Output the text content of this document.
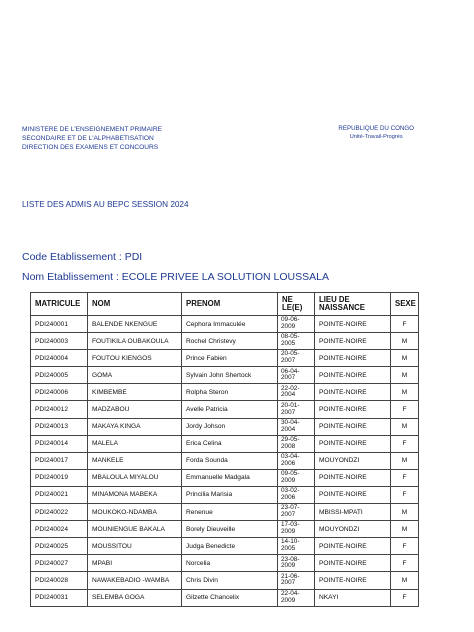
MINISTERE DE L'ENSEIGNEMENT PRIMAIRE
SECONDAIRE ET DE L'ALPHABETISATION
DIRECTION DES EXAMENS ET CONCOURS
REPUBLIQUE DU CONGO
Unité-Travail-Progrès
LISTE DES ADMIS AU BEPC SESSION 2024
Code Etablissement : PDI
Nom Etablissement : ECOLE PRIVEE LA SOLUTION LOUSSALA
MATRICULE	NOM	PRENOM	NE LE(E)	LIEU DE NAISSANCE	SEXE
PDI240001	BALENDE NKENGUE	Cephora Immaculée	09-06-2009	POINTE-NOIRE	F
PDI240003	FOUTIKILA OUBAKOULA	Rochel Christevy	08-05-2005	POINTE-NOIRE	M
PDI240004	FOUTOU KIENGOS	Prince Fabien	20-05-2007	POINTE-NOIRE	M
PDI240005	GOMA	Sylvain John Shertock	06-04-2007	POINTE-NOIRE	M
PDI240006	KIMBEMBE	Rolpha Steron	22-02-2004	POINTE-NOIRE	M
PDI240012	MADZABOU	Avelle Patricia	20-01-2007	POINTE-NOIRE	F
PDI240013	MAKAYA KINGA	Jordy Johson	30-04-2004	POINTE-NOIRE	M
PDI240014	MALELA	Erica Celina	29-05-2008	POINTE-NOIRE	F
PDI240017	MANKELE	Forda Sounda	03-04-2006	MOUYONDZI	M
PDI240019	MBALOULA MIYALOU	Emmanuelle Madgala	09-05-2009	POINTE-NOIRE	F
PDI240021	MINAMONA MABEKA	Princilia Marisia	03-02-2006	POINTE-NOIRE	F
PDI240022	MOUKOKO-NDAMBA	Renenue	23-07-2007	MBISSI-MPATI	M
PDI240024	MOUNIENGUE BAKALA	Borely Dieuveille	17-03-2009	MOUYONDZI	M
PDI240025	MOUSSITOU	Judga Benedicte	14-10-2005	POINTE-NOIRE	F
PDI240027	MPABI	Norcelia	23-08-2009	POINTE-NOIRE	F
PDI240028	NAWAKEBADIO -WAMBA	Chris Divin	21-06-2007	POINTE-NOIRE	M
PDI240031	SELEMBA GOGA	Gilzette Chancelix	22-04-2009	NKAYI	F
